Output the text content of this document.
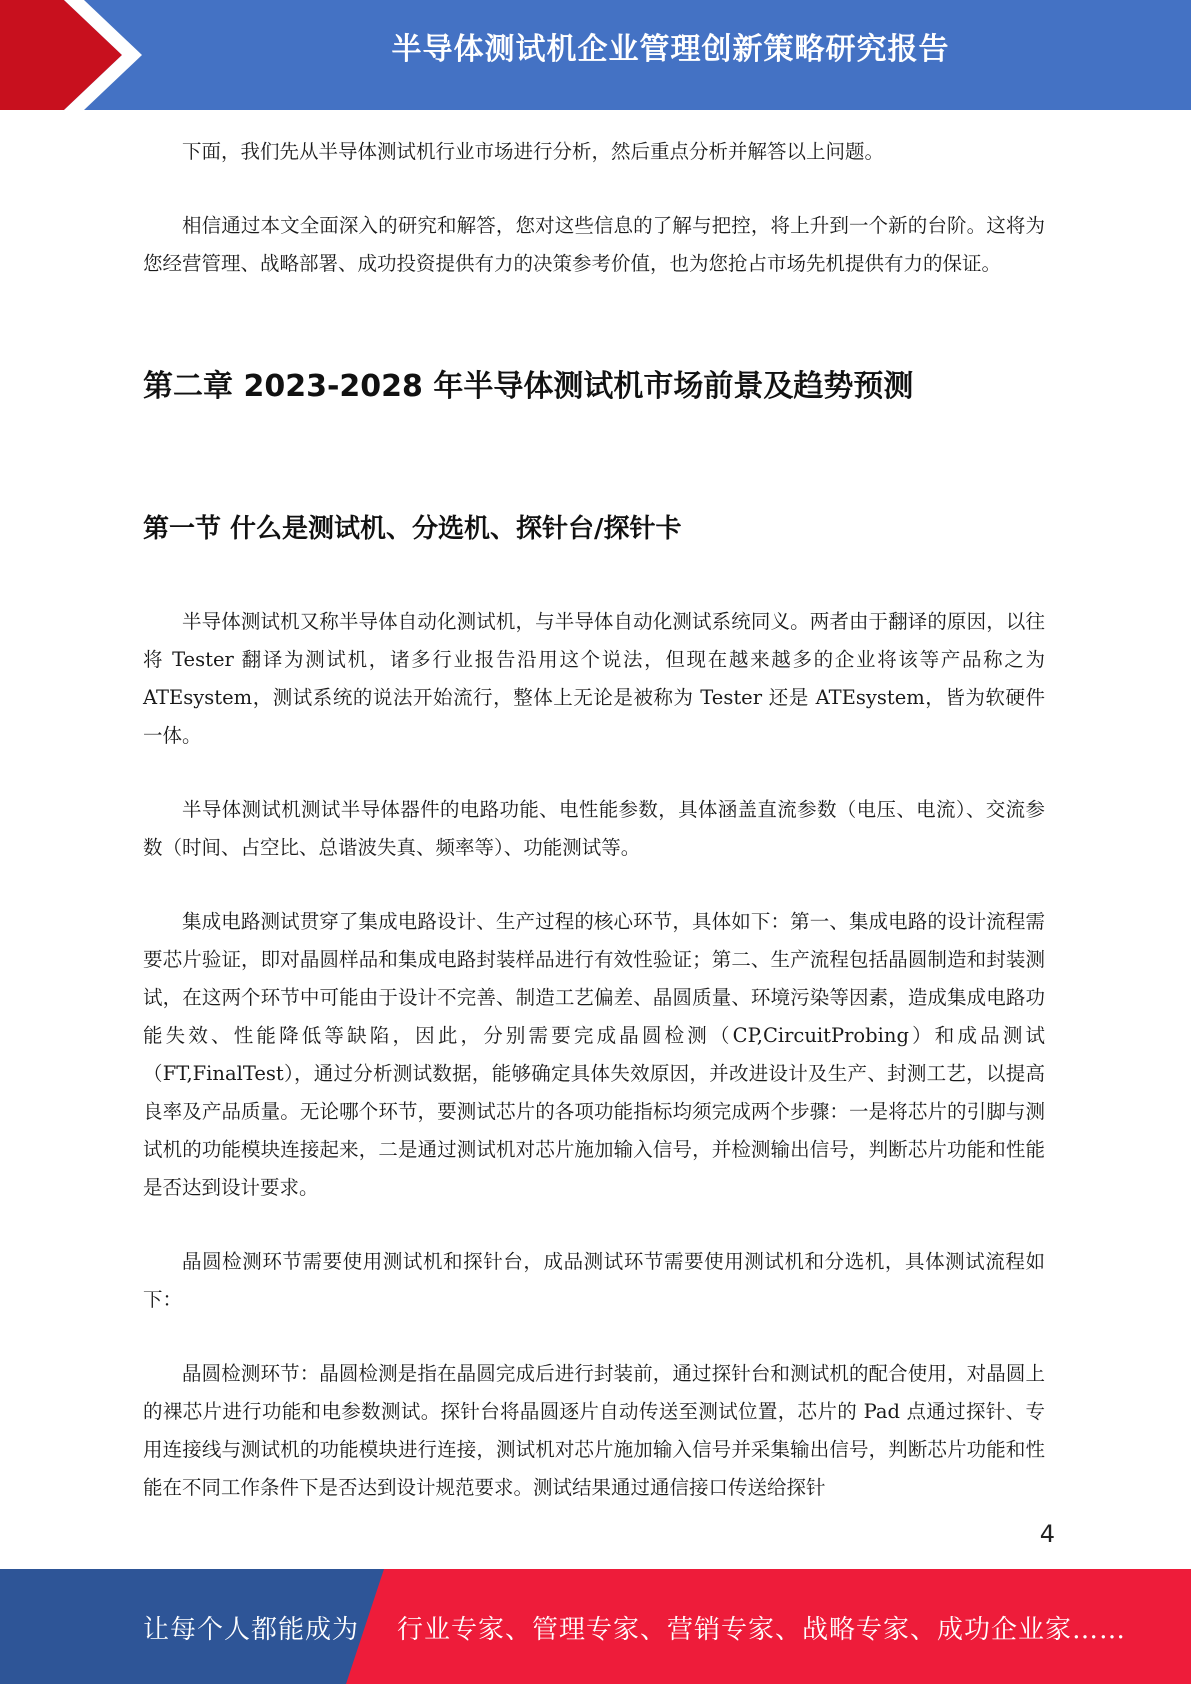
半导体测试机企业管理创新策略研究报告

下面，我们先从半导体测试机行业市场进行分析，然后重点分析并解答以上问题。

相信通过本文全面深入的研究和解答，您对这些信息的了解与把控，将上升到一个新的台阶。这将为您经营管理、战略部署、成功投资提供有力的决策参考价值，也为您抢占市场先机提供有力的保证。

第二章 2023-2028 年半导体测试机市场前景及趋势预测
第一节 什么是测试机、分选机、探针台/探针卡

半导体测试机又称半导体自动化测试机，与半导体自动化测试系统同义。两者由于翻译的原因，以往将 Tester 翻译为测试机，诸多行业报告沿用这个说法，但现在越来越多的企业将该等产品称之为 ATEsystem，测试系统的说法开始流行，整体上无论是被称为 Tester 还是 ATEsystem，皆为软硬件一体。

半导体测试机测试半导体器件的电路功能、电性能参数，具体涵盖直流参数（电压、电流）、交流参数（时间、占空比、总谐波失真、频率等）、功能测试等。

集成电路测试贯穿了集成电路设计、生产过程的核心环节，具体如下：第一、集成电路的设计流程需要芯片验证，即对晶圆样品和集成电路封装样品进行有效性验证；第二、生产流程包括晶圆制造和封装测试，在这两个环节中可能由于设计不完善、制造工艺偏差、晶圆质量、环境污染等因素，造成集成电路功能失效、性能降低等缺陷，因此，分别需要完成晶圆检测（CP,CircuitProbing）和成品测试（FT,FinalTest），通过分析测试数据，能够确定具体失效原因，并改进设计及生产、封测工艺，以提高良率及产品质量。无论哪个环节，要测试芯片的各项功能指标均须完成两个步骤：一是将芯片的引脚与测试机的功能模块连接起来，二是通过测试机对芯片施加输入信号，并检测输出信号，判断芯片功能和性能是否达到设计要求。

晶圆检测环节需要使用测试机和探针台，成品测试环节需要使用测试机和分选机，具体测试流程如下：

晶圆检测环节：晶圆检测是指在晶圆完成后进行封装前，通过探针台和测试机的配合使用，对晶圆上的裸芯片进行功能和电参数测试。探针台将晶圆逐片自动传送至测试位置，芯片的 Pad 点通过探针、专用连接线与测试机的功能模块进行连接，测试机对芯片施加输入信号并采集输出信号，判断芯片功能和性能在不同工作条件下是否达到设计规范要求。测试结果通过通信接口传送给探针

4
让每个人都能成为 行业专家、管理专家、营销专家、战略专家、成功企业家……
